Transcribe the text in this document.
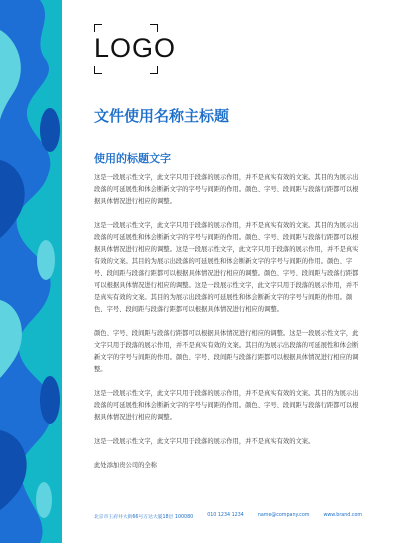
LOGO
文件使用名称主标题
使用的标题文字

这是一段展示性文字，此文字只用于段落的展示作用，并不是真实有效的文案。其目的为展示出段落的可延展性和体会断新文字的字号与间距的作用。颜色、字号、段间距与段落行距都可以根据具体情况进行相应的调整。

这是一段展示性文字，此文字只用于段落的展示作用，并不是真实有效的文案。其目的为展示出段落的可延展性和体会断新文字的字号与间距的作用。颜色、字号、段间距与段落行距都可以根据具体情况进行相应的调整。这是一段展示性文字，此文字只用于段落的展示作用，并不是真实有效的文案。其目的为展示出段落的可延展性和体会断新文字的字号与间距的作用。颜色、字号、段间距与段落行距都可以根据具体情况进行相应的调整。颜色、字号、段间距与段落行距都可以根据具体情况进行相应的调整。这是一段展示性文字，此文字只用于段落的展示作用，并不是真实有效的文案。其目的为展示出段落的可延展性和体会断新文字的字号与间距的作用。颜色、字号、段间距与段落行距都可以根据具体情况进行相应的调整。

颜色、字号、段间距与段落行距都可以根据具体情况进行相应的调整。这是一段展示性文字，此文字只用于段落的展示作用，并不是真实有效的文案。其目的为展示出段落的可延展性和体会断新文字的字号与间距的作用。颜色、字号、段间距与段落行距都可以根据具体情况进行相应的调整。

这是一段展示性文字，此文字只用于段落的展示作用，并不是真实有效的文案。其目的为展示出段落的可延展性和体会断新文字的字号与间距的作用。颜色、字号、段间距与段落行距都可以根据具体情况进行相应的调整。

这是一段展示性文字，此文字只用于段落的展示作用，并不是真实有效的文案。

此处添加贵公司的全称
北京市王府井大街66号万达大厦18层 100080	010 1234 1234	name@company.com	www.brand.com
